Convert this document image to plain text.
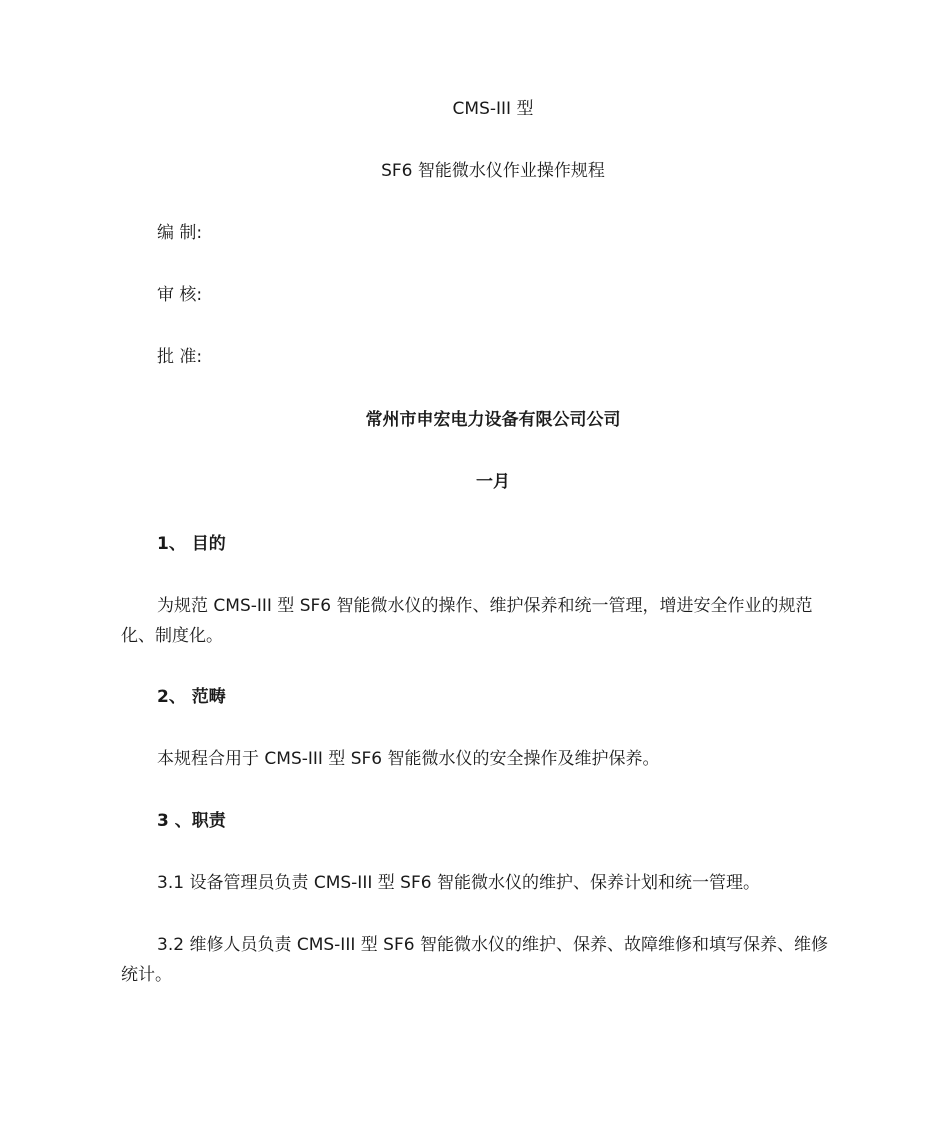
CMS-III 型
SF6 智能微水仪作业操作规程
编 制:
审 核:
批 准:
常州市申宏电力设备有限公司公司
一月
1、 目的
为规范 CMS-III 型 SF6 智能微水仪的操作、维护保养和统一管理，增进安全作业的规范化、制度化。
2、 范畴
本规程合用于 CMS-III 型 SF6 智能微水仪的安全操作及维护保养。
3 、职责
3.1 设备管理员负责 CMS-III 型 SF6 智能微水仪的维护、保养计划和统一管理。
3.2 维修人员负责 CMS-III 型 SF6 智能微水仪的维护、保养、故障维修和填写保养、维修统计。
